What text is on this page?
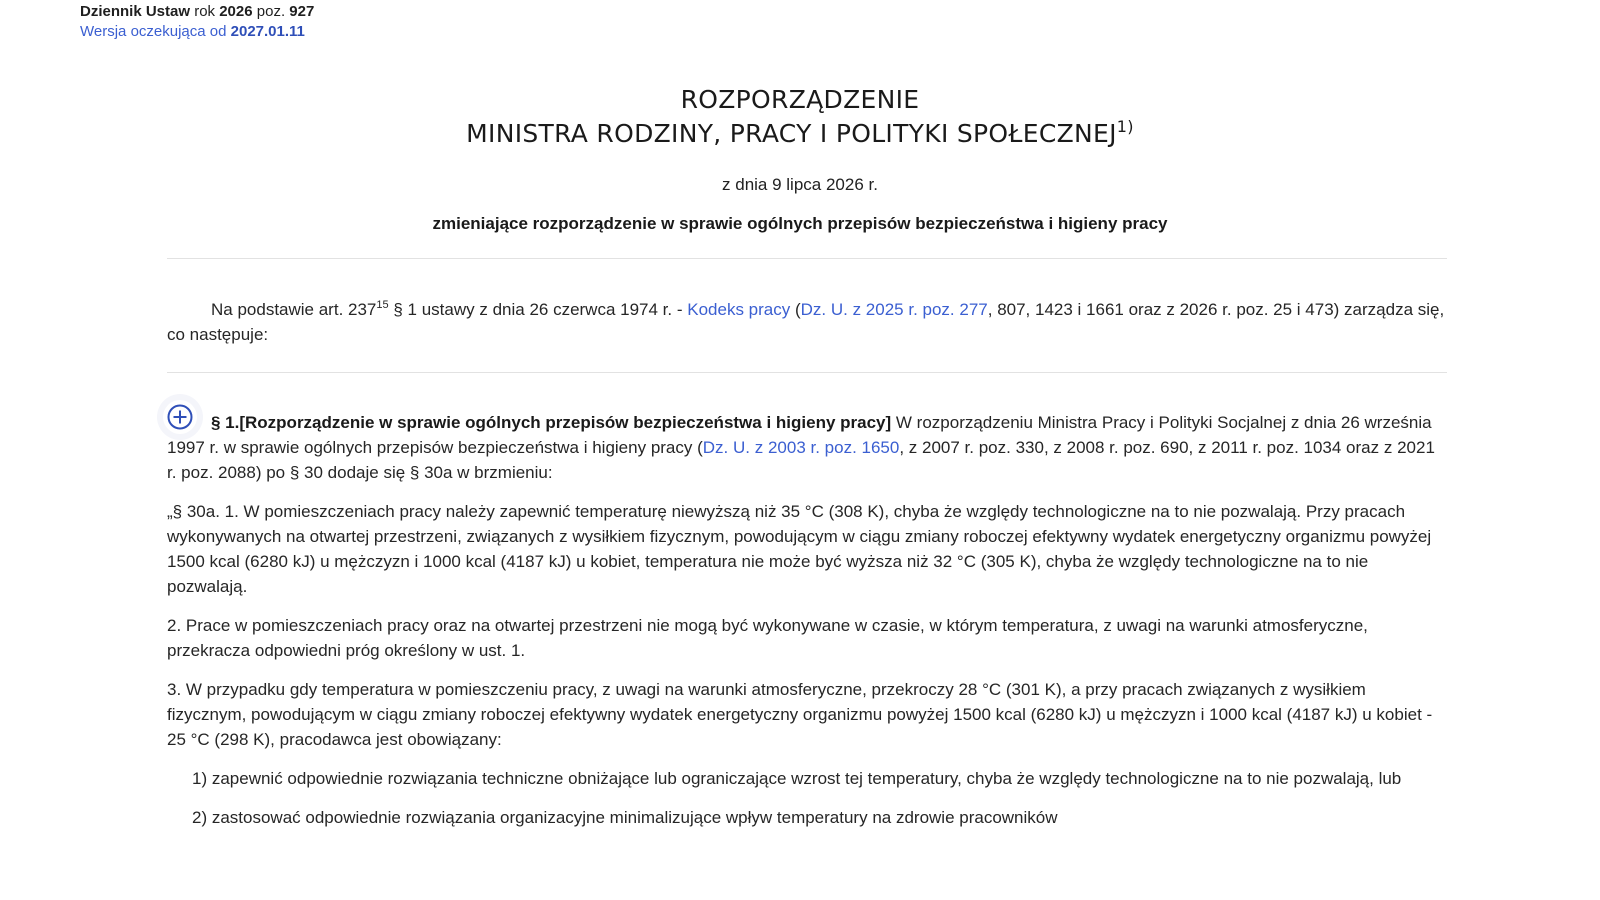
Dziennik Ustaw rok 2026 poz. 927
Wersja oczekująca od 2027.01.11
ROZPORZĄDZENIE
MINISTRA RODZINY, PRACY I POLITYKI SPOŁECZNEJ$^{1)}$
z dnia 9 lipca 2026 r.
zmieniające rozporządzenie w sprawie ogólnych przepisów bezpieczeństwa i higieny pracy

Na podstawie art. $237^{15}$ § 1 ustawy z dnia 26 czerwca 1974 r. - Kodeks pracy (Dz. U. z 2025 r. poz. 277, 807, 1423 i 1661 oraz z 2026 r. poz. 25 i 473) zarządza się, co następuje:

§ 1.[Rozporządzenie w sprawie ogólnych przepisów bezpieczeństwa i higieny pracy] W rozporządzeniu Ministra Pracy i Polityki Socjalnej z dnia 26 września 1997 r. w sprawie ogólnych przepisów bezpieczeństwa i higieny pracy (Dz. U. z 2003 r. poz. 1650, z 2007 r. poz. 330, z 2008 r. poz. 690, z 2011 r. poz. 1034 oraz z 2021 r. poz. 2088) po § 30 dodaje się § 30a w brzmieniu:

„§ 30a. 1. W pomieszczeniach pracy należy zapewnić temperaturę niewyższą niż 35 °C (308 K), chyba że względy technologiczne na to nie pozwalają. Przy pracach wykonywanych na otwartej przestrzeni, związanych z wysiłkiem fizycznym, powodującym w ciągu zmiany roboczej efektywny wydatek energetyczny organizmu powyżej 1500 kcal (6280 kJ) u mężczyzn i 1000 kcal (4187 kJ) u kobiet, temperatura nie może być wyższa niż 32 °C (305 K), chyba że względy technologiczne na to nie pozwalają.

2. Prace w pomieszczeniach pracy oraz na otwartej przestrzeni nie mogą być wykonywane w czasie, w którym temperatura, z uwagi na warunki atmosferyczne, przekracza odpowiedni próg określony w ust. 1.

3. W przypadku gdy temperatura w pomieszczeniu pracy, z uwagi na warunki atmosferyczne, przekroczy 28 °C (301 K), a przy pracach związanych z wysiłkiem fizycznym, powodującym w ciągu zmiany roboczej efektywny wydatek energetyczny organizmu powyżej 1500 kcal (6280 kJ) u mężczyzn i 1000 kcal (4187 kJ) u kobiet - 25 °C (298 K), pracodawca jest obowiązany:

1) zapewnić odpowiednie rozwiązania techniczne obniżające lub ograniczające wzrost tej temperatury, chyba że względy technologiczne na to nie pozwalają, lub

2) zastosować odpowiednie rozwiązania organizacyjne minimalizujące wpływ temperatury na zdrowie pracowników
